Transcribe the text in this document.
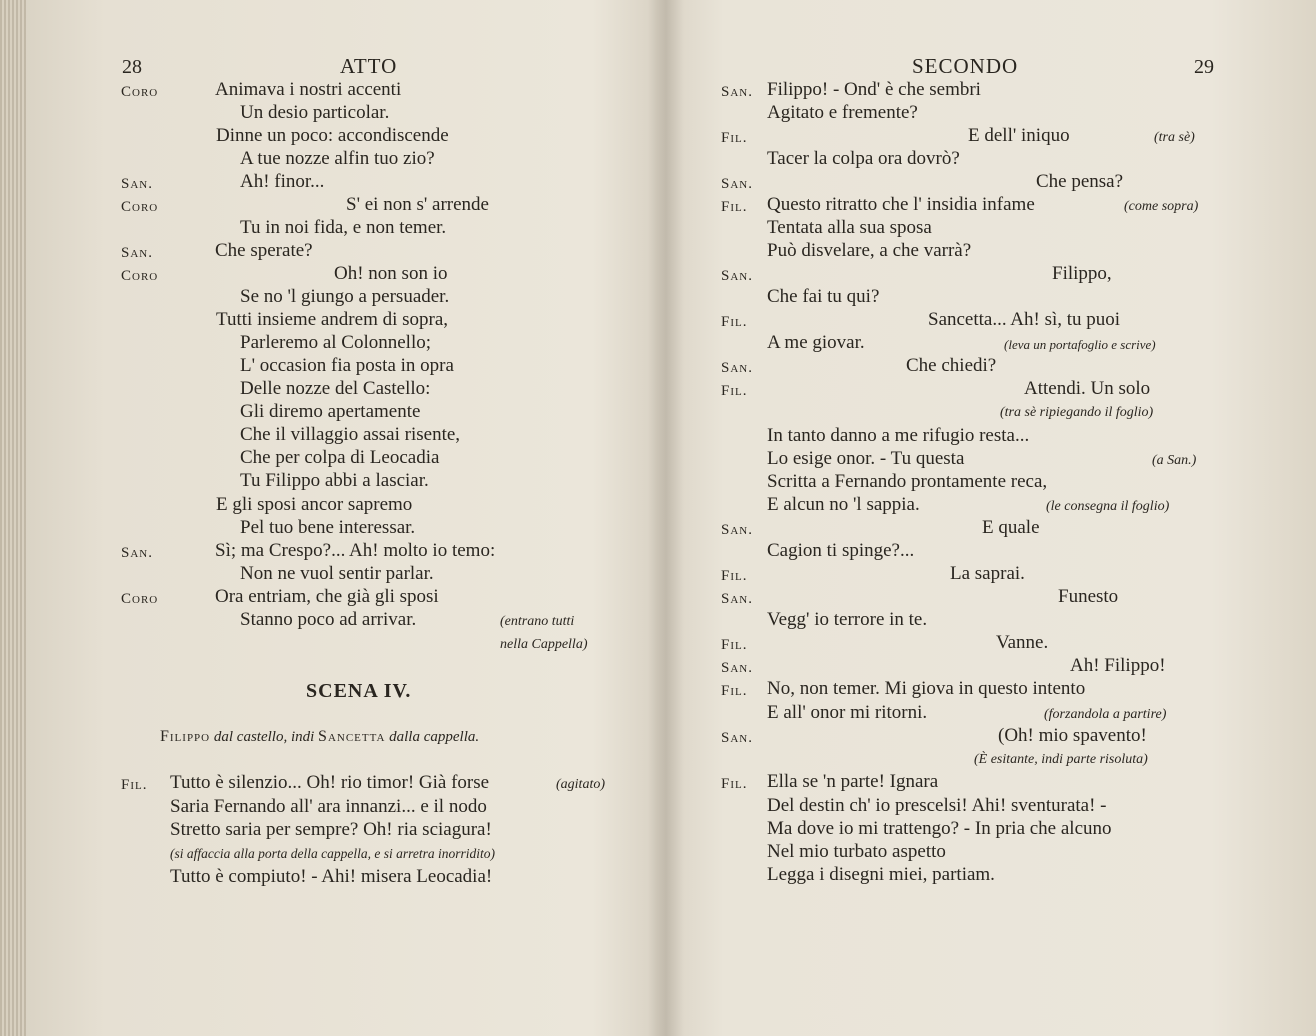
28	ATTO
Coro	Animava i nostri accenti
Un desio particolar.
Dinne un poco: accondiscende
A tue nozze alfin tuo zio?
San.	Ah! finor...
Coro	S' ei non s' arrende
Tu in noi fida, e non temer.
San.	Che sperate?
Coro	Oh! non son io
Se no 'l giungo a persuader.
Tutti insieme andrem di sopra,
Parleremo al Colonnello;
L' occasion fia posta in opra
Delle nozze del Castello:
Gli diremo apertamente
Che il villaggio assai risente,
Che per colpa di Leocadia
Tu Filippo abbi a lasciar.
E gli sposi ancor sapremo
Pel tuo bene interessar.
San.	Sì; ma Crespo?... Ah! molto io temo:
Non ne vuol sentir parlar.
Coro	Ora entriam, che già gli sposi
Stanno poco ad arrivar.	(entrano tutti
nella Cappella)
SCENA IV.
Filippo dal castello, indi Sancetta dalla cappella.
Fil. Tutto è silenzio... Oh! rio timor! Già forse	(agitato)
Saria Fernando all' ara innanzi... e il nodo
Stretto saria per sempre? Oh! ria sciagura!
(si affaccia alla porta della cappella, e si arretra inorridito)
Tutto è compiuto! - Ahi! misera Leocadia!
SECONDO	29
San. Filippo! - Ond' è che sembri
Agitato e fremente?
Fil.	E dell' iniquo	(tra sè)
Tacer la colpa ora dovrò?
San.	Che pensa?
Fil. Questo ritratto che l' insidia infame	(come sopra)
Tentata alla sua sposa
Può disvelare, a che varrà?
San.	Filippo,
Che fai tu qui?
Fil.	Sancetta... Ah! sì, tu puoi
A me giovar.	(leva un portafoglio e scrive)
San.	Che chiedi?
Fil.	Attendi. Un solo
(tra sè ripiegando il foglio)
In tanto danno a me rifugio resta...
Lo esige onor. - Tu questa	(a San.)
Scritta a Fernando prontamente reca,
E alcun no 'l sappia.	(le consegna il foglio)
San.	E quale
Cagion ti spinge?...
Fil.	La saprai.
San.	Funesto
Vegg' io terrore in te.
Fil.	Vanne.
San.	Ah! Filippo!
Fil. No, non temer. Mi giova in questo intento
E all' onor mi ritorni.	(forzandola a partire)
San.	(Oh! mio spavento!
(È esitante, indi parte risoluta)
Fil. Ella se 'n parte! Ignara
Del destin ch' io prescelsi! Ahi! sventurata! -
Ma dove io mi trattengo? - In pria che alcuno
Nel mio turbato aspetto
Legga i disegni miei, partiam.
